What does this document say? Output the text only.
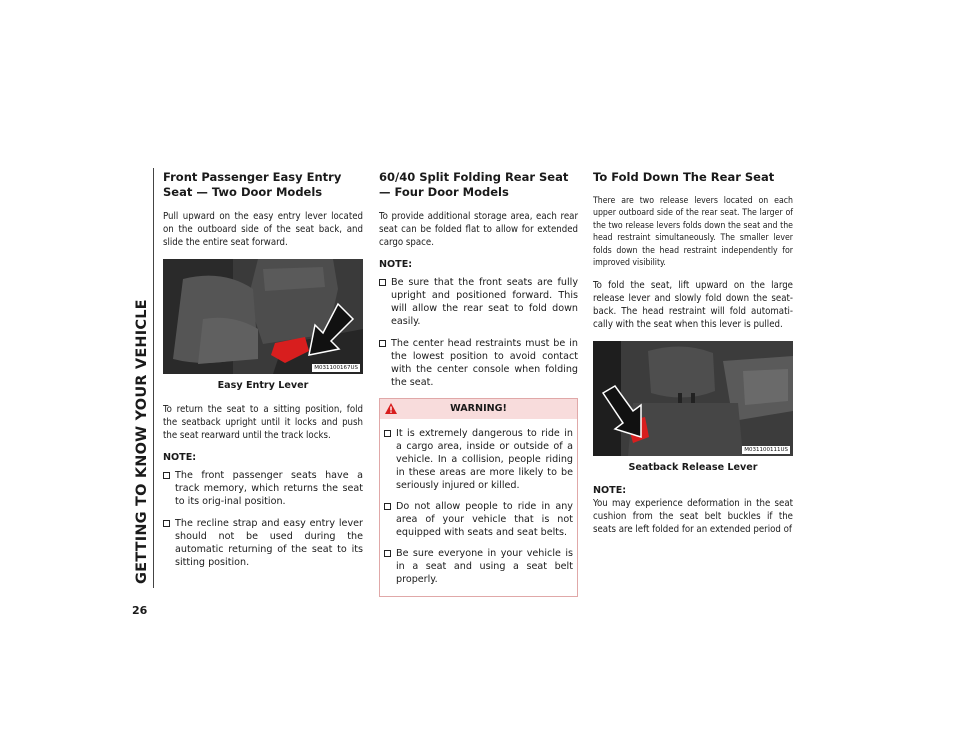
GETTING TO KNOW YOUR VEHICLE
26
Front Passenger Easy Entry Seat — Two Door Models

Pull upward on the easy entry lever located on the outboard side of the seat back, and slide the entire seat forward.

M031100167US
Easy Entry Lever

To return the seat to a sitting position, fold the seatback upright until it locks and push the seat rearward until the track locks.

NOTE:
The front passenger seats have a track memory, which returns the seat to its orig-inal position.
The recline strap and easy entry lever should not be used during the automatic returning of the seat to its sitting position.
60/40 Split Folding Rear Seat — Four Door Models

To provide additional storage area, each rear seat can be folded flat to allow for extended cargo space.

NOTE:
Be sure that the front seats are fully upright and positioned forward. This will allow the rear seat to fold down easily.
The center head restraints must be in the lowest position to avoid contact with the center console when folding the seat.
WARNING!
It is extremely dangerous to ride in a cargo area, inside or outside of a vehicle. In a collision, people riding in these areas are more likely to be seriously injured or killed.
Do not allow people to ride in any area of your vehicle that is not equipped with seats and seat belts.
Be sure everyone in your vehicle is in a seat and using a seat belt properly.
To Fold Down The Rear Seat

There are two release levers located on each upper outboard side of the rear seat. The larger of the two release levers folds down the seat and the head restraint simultaneously. The smaller lever folds down the head restraint independently for improved visibility.

To fold the seat, lift upward on the large release lever and slowly fold down the seat-back. The head restraint will fold automati-cally with the seat when this lever is pulled.

M031100111US
Seatback Release Lever
NOTE:

You may experience deformation in the seat cushion from the seat belt buckles if the seats are left folded for an extended period of
